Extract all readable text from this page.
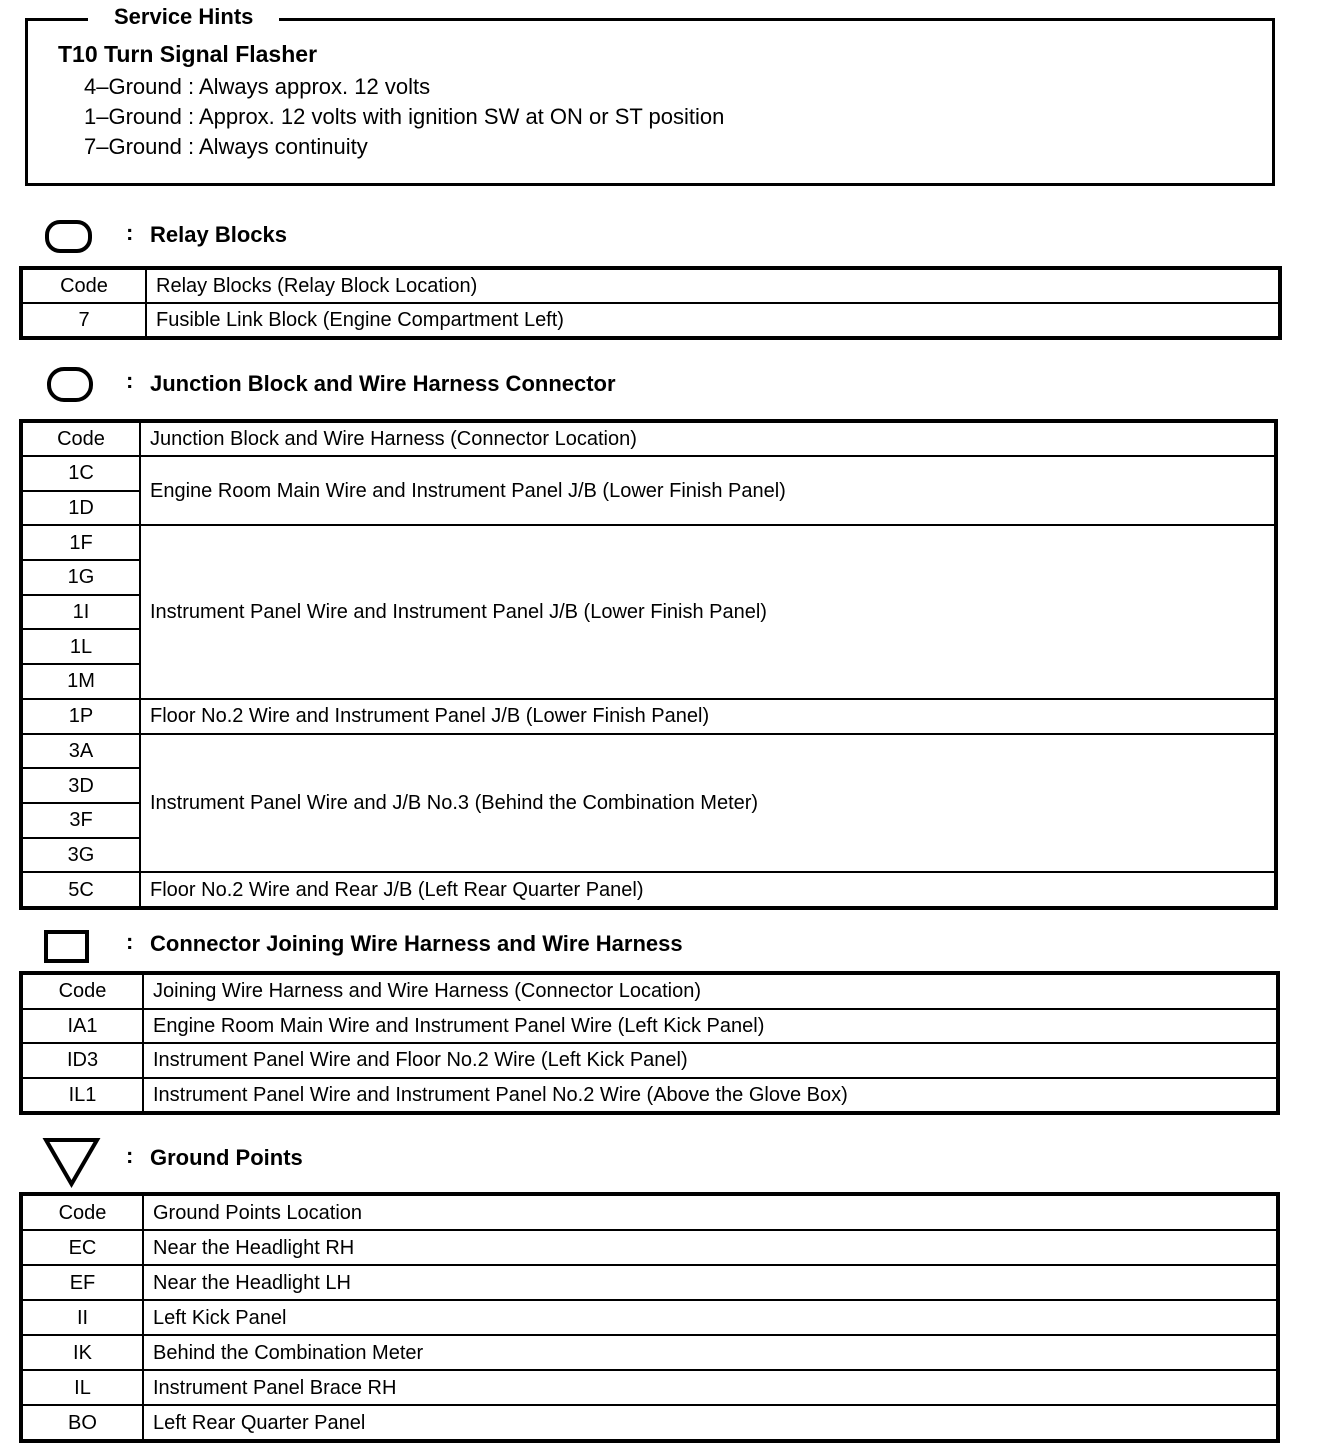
Service Hints
T10 Turn Signal Flasher
4–Ground : Always approx. 12 volts
1–Ground : Approx. 12 volts with ignition SW at ON or ST position
7–Ground : Always continuity
: Relay Blocks
Code	Relay Blocks (Relay Block Location)
7	Fusible Link Block (Engine Compartment Left)
: Junction Block and Wire Harness Connector
Code	Junction Block and Wire Harness (Connector Location)
1C	Engine Room Main Wire and Instrument Panel J/B (Lower Finish Panel)
1D	
1F	Instrument Panel Wire and Instrument Panel J/B (Lower Finish Panel)
1G	
1I	
1L	
1M	
1P	Floor No.2 Wire and Instrument Panel J/B (Lower Finish Panel)
3A	Instrument Panel Wire and J/B No.3 (Behind the Combination Meter)
3D	
3F	
3G	
5C	Floor No.2 Wire and Rear J/B (Left Rear Quarter Panel)
: Connector Joining Wire Harness and Wire Harness
Code	Joining Wire Harness and Wire Harness (Connector Location)
IA1	Engine Room Main Wire and Instrument Panel Wire (Left Kick Panel)
ID3	Instrument Panel Wire and Floor No.2 Wire (Left Kick Panel)
IL1	Instrument Panel Wire and Instrument Panel No.2 Wire (Above the Glove Box)
: Ground Points
Code	Ground Points Location
EC	Near the Headlight RH
EF	Near the Headlight LH
II	Left Kick Panel
IK	Behind the Combination Meter
IL	Instrument Panel Brace RH
BO	Left Rear Quarter Panel
